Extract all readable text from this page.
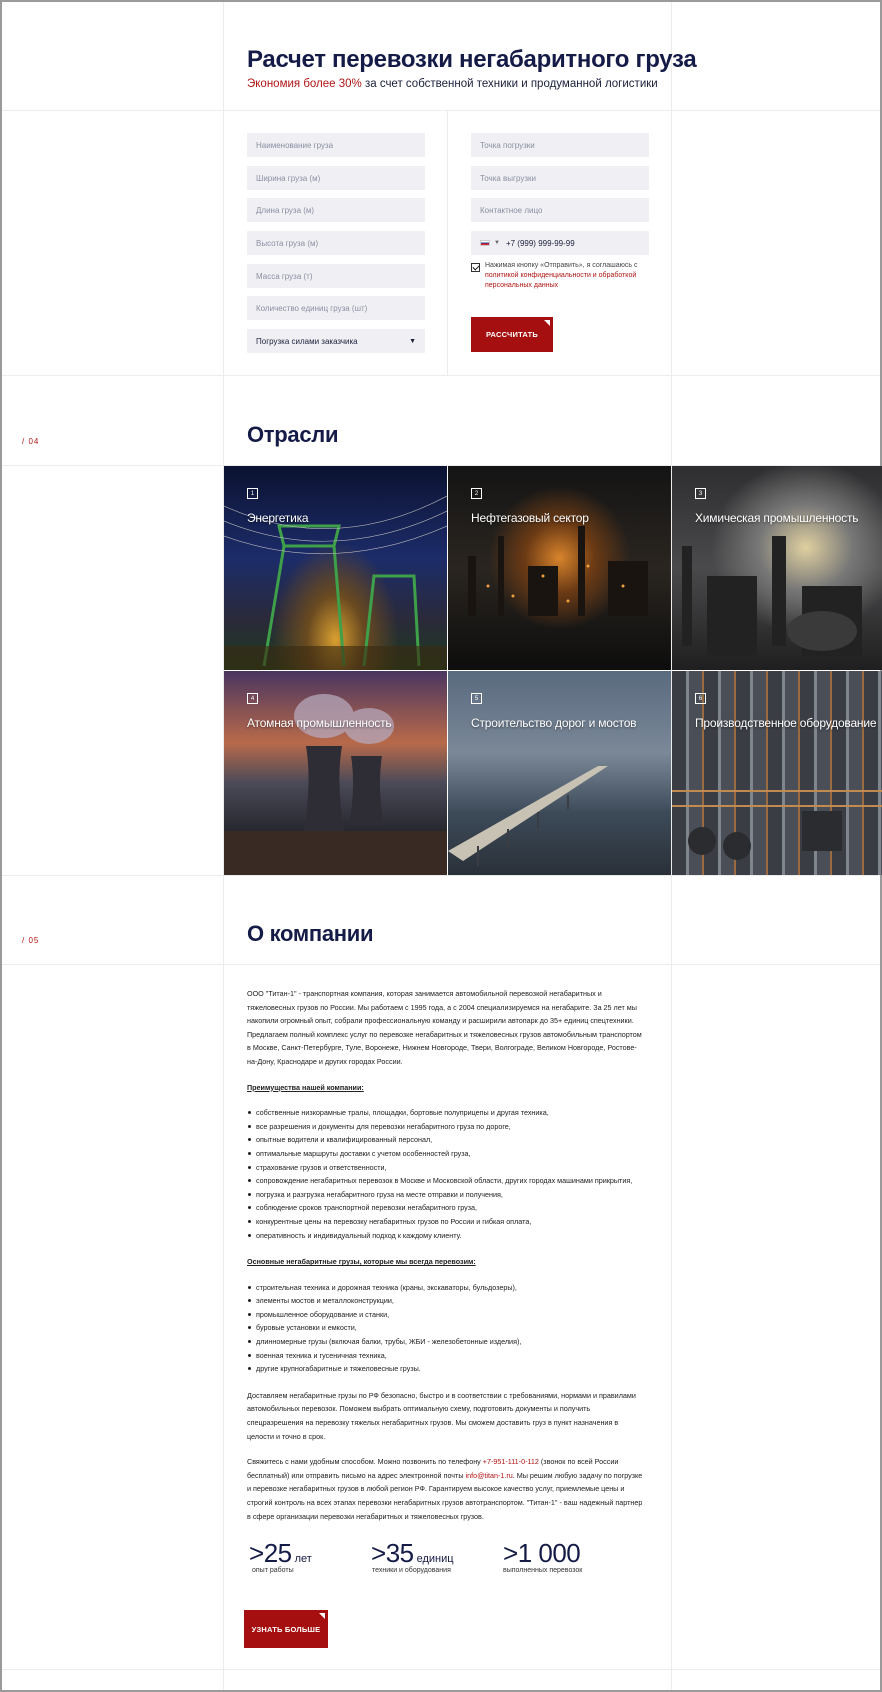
Расчет перевозки негабаритного груза
Экономия более 30% за счет собственной техники и продуманной логистики
Наименование груза
Ширина груза (м)
Длина груза (м)
Высота груза (м)
Масса груза (т)
Количество единиц груза (шт)
Погрузка силами заказчика	▼
Точка погрузки
Точка выгрузки
Контактное лицо
▼ +7 (999) 999-99-99
Нажимая кнопку «Отправить», я соглашаюсь с политикой конфиденциальности и обработкой персональных данных
РАССЧИТАТЬ
/ 04	Отрасли
1
Энергетика
2
Нефтегазовый сектор
3
Химическая промышленность
4
Атомная промышленность
5
Строительство дорог и мостов
6
Производственное оборудование
/ 05	О компании

ООО "Титан-1" - транспортная компания, которая занимается автомобильной перевозкой негабаритных и тяжеловесных грузов по России. Мы работаем с 1995 года, а с 2004 специализируемся на негабарите. За 25 лет мы накопили огромный опыт, собрали профессиональную команду и расширили автопарк до 35+ единиц спецтехники. Предлагаем полный комплекс услуг по перевозке негабаритных и тяжеловесных грузов автомобильным транспортом в Москве, Санкт-Петербурге, Туле, Воронеже, Нижнем Новгороде, Твери, Волгограде, Великом Новгороде, Ростове-на-Дону, Краснодаре и других городах России.

Преимущества нашей компании:
собственные низкорамные тралы, площадки, бортовые полуприцепы и другая техника,
все разрешения и документы для перевозки негабаритного груза по дороге,
опытные водители и квалифицированный персонал,
оптимальные маршруты доставки с учетом особенностей груза,
страхование грузов и ответственности,
сопровождение негабаритных перевозок в Москве и Московской области, других городах машинами прикрытия,
погрузка и разгрузка негабаритного груза на месте отправки и получения,
соблюдение сроков транспортной перевозки негабаритного груза,
конкурентные цены на перевозку негабаритных грузов по России и гибкая оплата,
оперативность и индивидуальный подход к каждому клиенту.
Основные негабаритные грузы, которые мы всегда перевозим:
строительная техника и дорожная техника (краны, экскаваторы, бульдозеры),
элементы мостов и металлоконструкции,
промышленное оборудование и станки,
буровые установки и емкости,
длинномерные грузы (включая балки, трубы, ЖБИ - железобетонные изделия),
военная техника и гусеничная техника,
другие крупногабаритные и тяжеловесные грузы.

Доставляем негабаритные грузы по РФ безопасно, быстро и в соответствии с требованиями, нормами и правилами автомобильных перевозок. Поможем выбрать оптимальную схему, подготовить документы и получить спецразрешения на перевозку тяжелых негабаритных грузов. Мы сможем доставить груз в пункт назначения в целости и точно в срок.

Свяжитесь с нами удобным способом. Можно позвонить по телефону +7-951-111-0-112 (звонок по всей России бесплатный) или отправить письмо на адрес электронной почты info@titan-1.ru. Мы решим любую задачу по погрузке и перевозке негабаритных грузов в любой регион РФ. Гарантируем высокое качество услуг, приемлемые цены и строгий контроль на всех этапах перевозки негабаритных грузов автотранспортом. "Титан-1" - ваш надежный партнер в сфере организации перевозки негабаритных и тяжеловесных грузов.

>25 лет
опыт работы
>35 единиц
техники и оборудования
>1 000
выполненных перевозок
УЗНАТЬ БОЛЬШЕ
